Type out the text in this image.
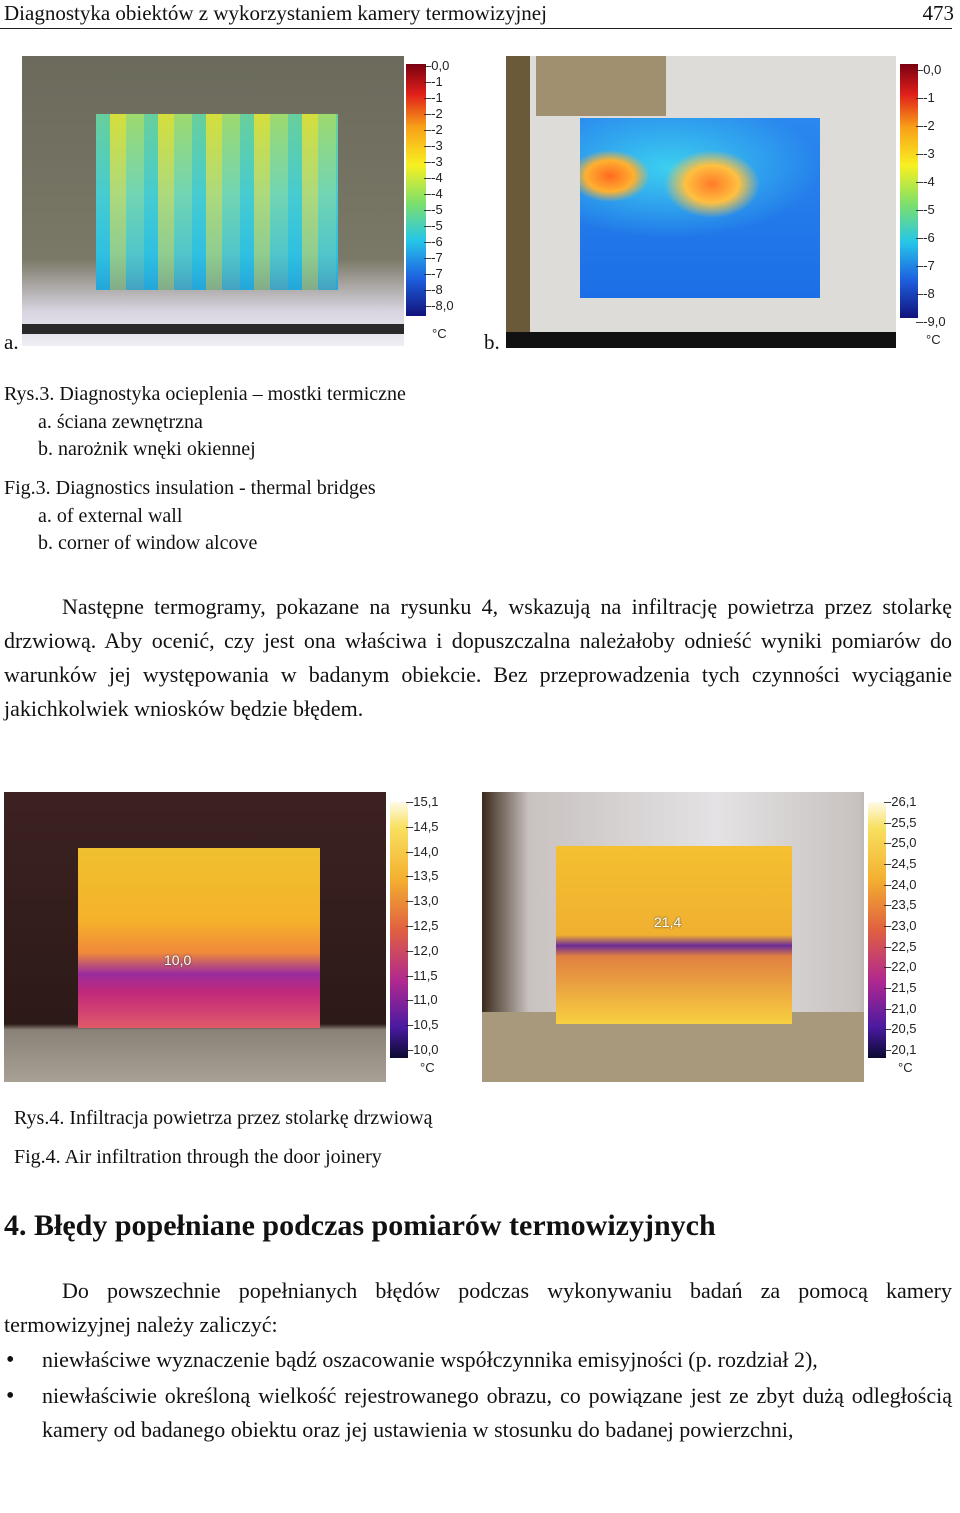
Diagnostyka obiektów z wykorzystaniem kamery termowizyjnej	473
–0,0
–-1
–-1
–-2
–-2
–-3
–-3
–-4
–-4
–-5
–-5
–-6
–-7
–-7
–-8
–-8,0
°C
a.
–0,0
–-1
–-2
–-3
–-4
–-5
–-6
–-7
–-8
–-9,0
°C
b.
Rys.3. Diagnostyka ocieplenia – mostki termiczne
a. ściana zewnętrzna
b. narożnik wnęki okiennej
Fig.3. Diagnostics insulation - thermal bridges
a. of external wall
b. corner of window alcove
Następne termogramy, pokazane na rysunku 4, wskazują na infiltrację powietrza przez stolarkę drzwiową. Aby ocenić, czy jest ona właściwa i dopuszczalna należałoby odnieść wyniki pomiarów do warunków jej występowania w badanym obiekcie. Bez przeprowadzenia tych czynności wyciąganie jakichkolwiek wniosków będzie błędem.
10,0
–15,1
–14,5
–14,0
–13,5
–13,0
–12,5
–12,0
–11,5
–11,0
–10,5
–10,0
°C
21,4
–26,1
–25,5
–25,0
–24,5
–24,0
–23,5
–23,0
–22,5
–22,0
–21,5
–21,0
–20,5
–20,1
°C
Rys.4. Infiltracja powietrza przez stolarkę drzwiową
Fig.4. Air infiltration through the door joinery
4. Błędy popełniane podczas pomiarów termowizyjnych
Do powszechnie popełnianych błędów podczas wykonywaniu badań za pomocą kamery termowizyjnej należy zaliczyć:
• niewłaściwe wyznaczenie bądź oszacowanie współczynnika emisyjności (p. rozdział 2),
• niewłaściwie określoną wielkość rejestrowanego obrazu, co powiązane jest ze zbyt dużą odległością kamery od badanego obiektu oraz jej ustawienia w stosunku do badanej powierzchni,
